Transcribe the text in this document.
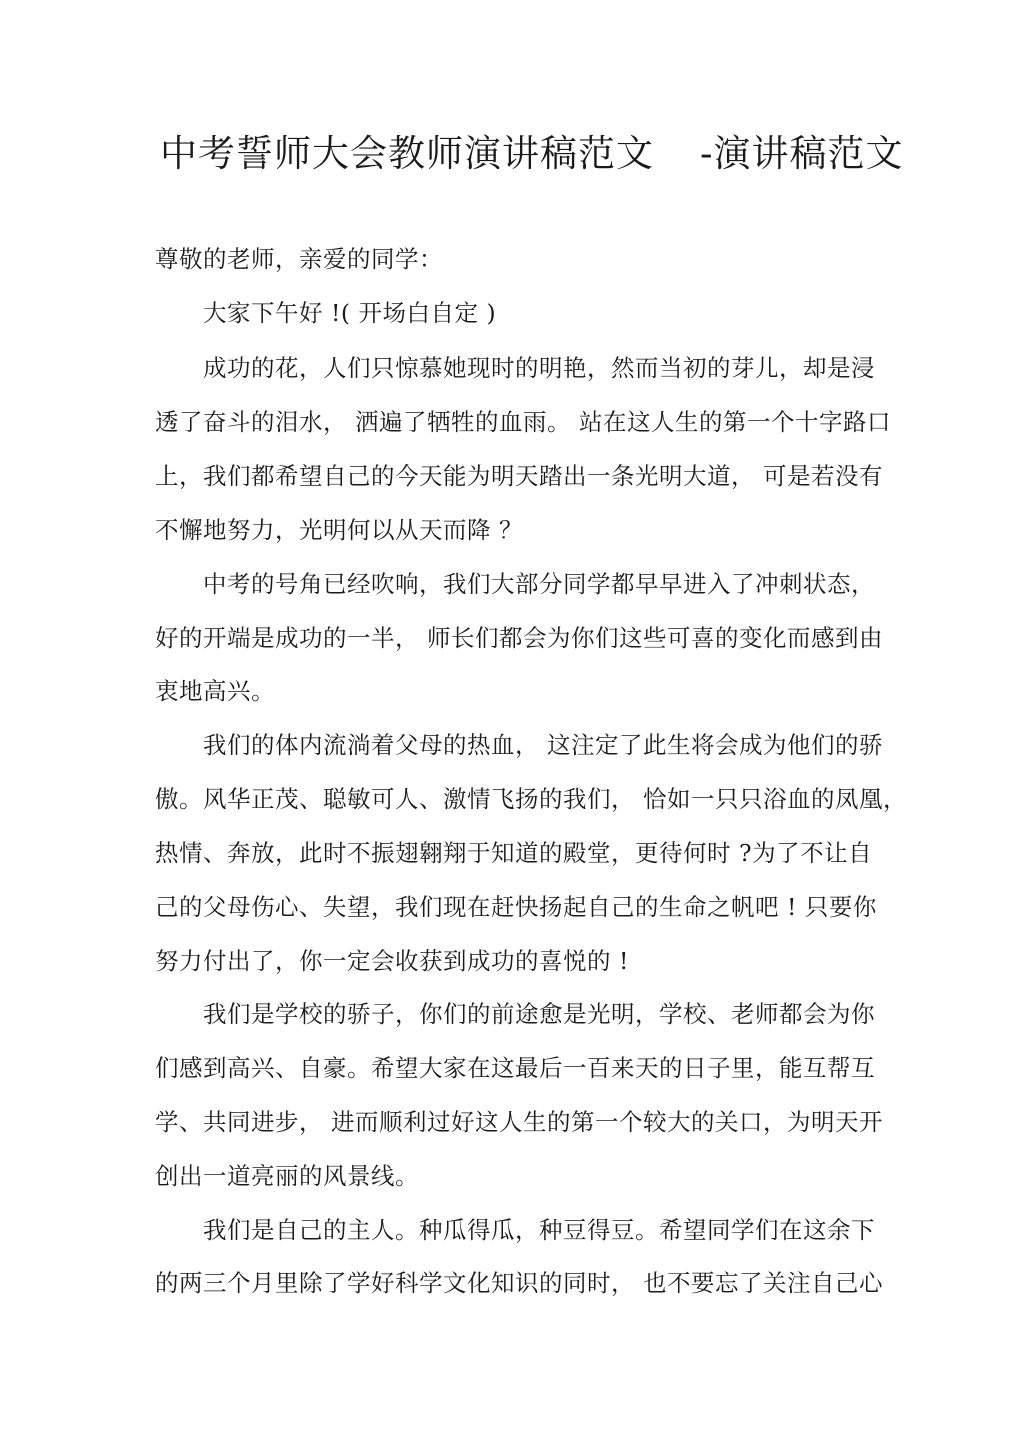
中考誓师大会教师演讲稿范文 -演讲稿范文
尊敬的老师，亲爱的同学：
大家下午好 !( 开场白自定 )
成功的花，人们只惊慕她现时的明艳，然而当初的芽儿，却是浸
透了奋斗的泪水， 洒遍了牺牲的血雨。 站在这人生的第一个十字路口
上，我们都希望自己的今天能为明天踏出一条光明大道， 可是若没有
不懈地努力，光明何以从天而降 ？
中考的号角已经吹响，我们大部分同学都早早进入了冲刺状态，
好的开端是成功的一半， 师长们都会为你们这些可喜的变化而感到由
衷地高兴。
我们的体内流淌着父母的热血， 这注定了此生将会成为他们的骄
傲。风华正茂、聪敏可人、激情飞扬的我们， 恰如一只只浴血的凤凰，
热情、奔放，此时不振翅翱翔于知道的殿堂，更待何时 ?为了不让自
己的父母伤心、失望，我们现在赶快扬起自己的生命之帆吧 ! 只要你
努力付出了，你一定会收获到成功的喜悦的 !
我们是学校的骄子，你们的前途愈是光明，学校、老师都会为你
们感到高兴、自豪。希望大家在这最后一百来天的日子里，能互帮互
学、共同进步， 进而顺利过好这人生的第一个较大的关口，为明天开
创出一道亮丽的风景线。
我们是自己的主人。种瓜得瓜，种豆得豆。希望同学们在这余下
的两三个月里除了学好科学文化知识的同时， 也不要忘了关注自己心
